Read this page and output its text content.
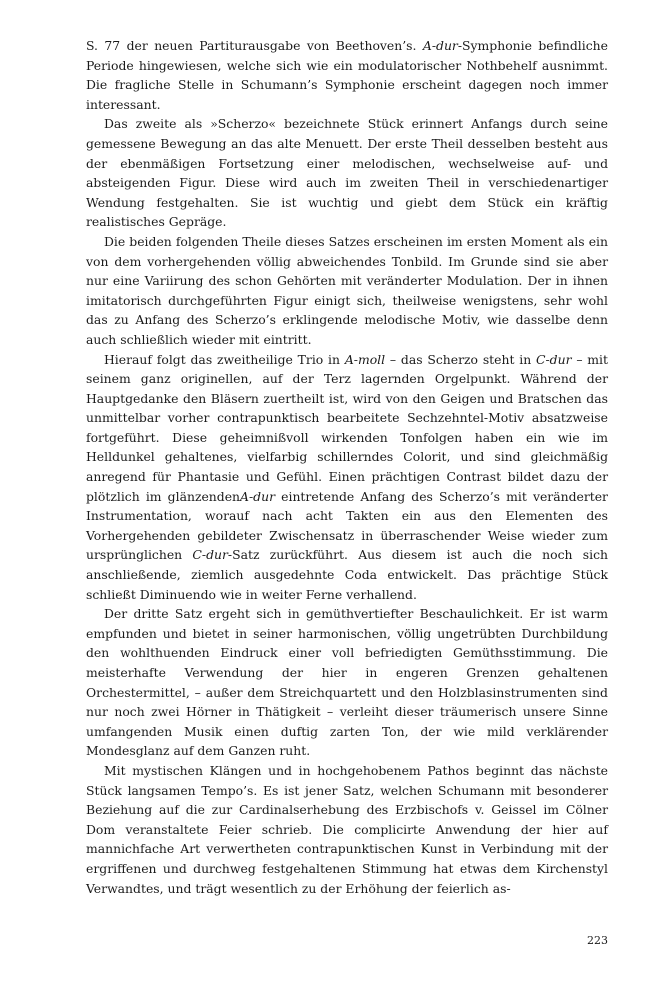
S. 77 der neuen Partiturausgabe von Beethoven’s. A-dur-Symphonie befindliche Periode hingewiesen, welche sich wie ein modulatorischer Nothbehelf ausnimmt. Die fragliche Stelle in Schumann’s Symphonie erscheint dagegen noch immer interessant.

Das zweite als »Scherzo« bezeichnete Stück erinnert Anfangs durch seine gemessene Bewegung an das alte Menuett. Der erste Theil desselben besteht aus der ebenmäßigen Fortsetzung einer melodischen, wechselweise auf- und absteigenden Figur. Diese wird auch im zweiten Theil in verschiedenartiger Wendung festgehalten. Sie ist wuchtig und giebt dem Stück ein kräftig realistisches Gepräge.

Die beiden folgenden Theile dieses Satzes erscheinen im ersten Moment als ein von dem vorhergehenden völlig abweichendes Tonbild. Im Grunde sind sie aber nur eine Variirung des schon Gehörten mit veränderter Modulation. Der in ihnen imitatorisch durchgeführten Figur einigt sich, theilweise wenigstens, sehr wohl das zu Anfang des Scherzo’s erklingende melodische Motiv, wie dasselbe denn auch schließlich wieder mit eintritt.

Hierauf folgt das zweitheilige Trio in A-moll – das Scherzo steht in C-dur – mit seinem ganz originellen, auf der Terz lagernden Orgelpunkt. Während der Hauptgedanke den Bläsern zuertheilt ist, wird von den Geigen und Bratschen das unmittelbar vorher contrapunktisch bearbeitete Sechzehntel-Motiv absatzweise fortgeführt. Diese geheimnißvoll wirkenden Tonfolgen haben ein wie im Helldunkel gehaltenes, vielfarbig schillerndes Colorit, und sind gleichmäßig anregend für Phantasie und Gefühl. Einen prächtigen Contrast bildet dazu der plötzlich im glänzendenA-dur eintretende Anfang des Scherzo’s mit veränderter Instrumentation, worauf nach acht Takten ein aus den Elementen des Vorhergehenden gebildeter Zwischensatz in überraschender Weise wieder zum ursprünglichen C-dur-Satz zurückführt. Aus diesem ist auch die noch sich anschließende, ziemlich ausgedehnte Coda entwickelt. Das prächtige Stück schließt Diminuendo wie in weiter Ferne verhallend.

Der dritte Satz ergeht sich in gemüthvertiefter Beschaulichkeit. Er ist warm empfunden und bietet in seiner harmonischen, völlig ungetrübten Durchbildung den wohlthuenden Eindruck einer voll befriedigten Gemüthsstimmung. Die meisterhafte Verwendung der hier in engeren Grenzen gehaltenen Orchestermittel, – außer dem Streichquartett und den Holzblasinstrumenten sind nur noch zwei Hörner in Thätigkeit – verleiht dieser träumerisch unsere Sinne umfangenden Musik einen duftig zarten Ton, der wie mild verklärender Mondesglanz auf dem Ganzen ruht.

Mit mystischen Klängen und in hochgehobenem Pathos beginnt das nächste Stück langsamen Tempo’s. Es ist jener Satz, welchen Schumann mit besonderer Beziehung auf die zur Cardinalserhebung des Erzbischofs v. Geissel im Cölner Dom veranstaltete Feier schrieb. Die complicirte Anwendung der hier auf mannichfache Art verwertheten contrapunktischen Kunst in Verbindung mit der ergriffenen und durchweg festgehaltenen Stimmung hat etwas dem Kirchenstyl Verwandtes, und trägt wesentlich zu der Erhöhung der feierlich as-

223
